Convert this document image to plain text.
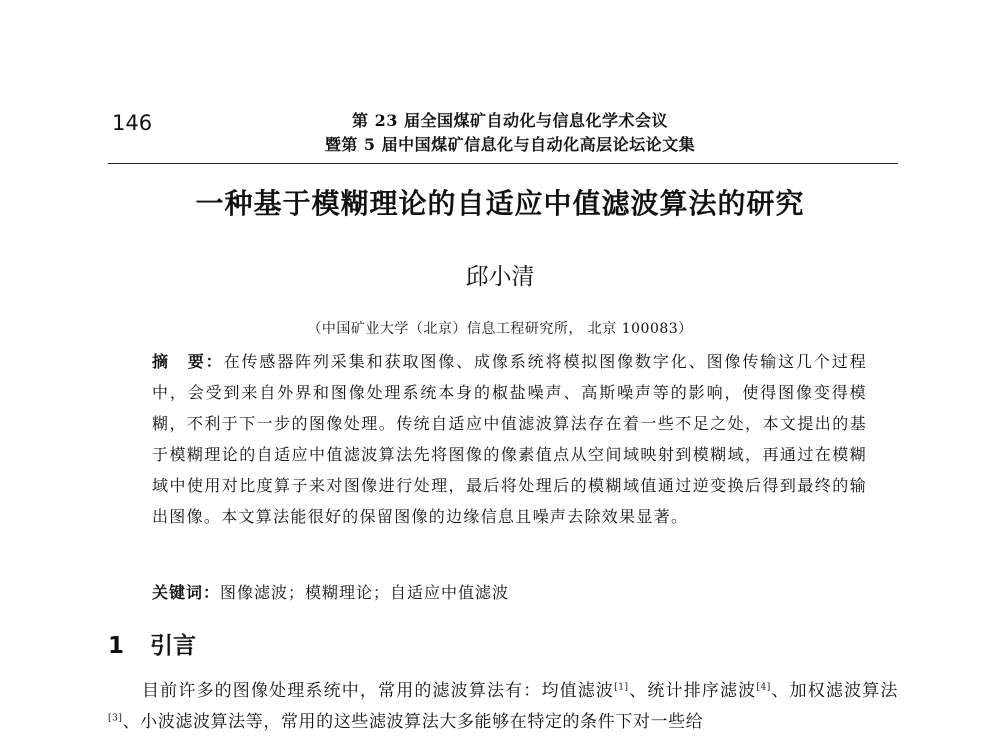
146	第 23 届全国煤矿自动化与信息化学术会议
暨第 5 届中国煤矿信息化与自动化高层论坛论文集
一种基于模糊理论的自适应中值滤波算法的研究
邱小清
（中国矿业大学（北京）信息工程研究所， 北京 100083）
摘　要：在传感器阵列采集和获取图像、成像系统将模拟图像数字化、图像传输这几个过程中，会受到来自外界和图像处理系统本身的椒盐噪声、高斯噪声等的影响，使得图像变得模糊，不利于下一步的图像处理。传统自适应中值滤波算法存在着一些不足之处，本文提出的基于模糊理论的自适应中值滤波算法先将图像的像素值点从空间域映射到模糊域，再通过在模糊域中使用对比度算子来对图像进行处理，最后将处理后的模糊域值通过逆变换后得到最终的输出图像。本文算法能很好的保留图像的边缘信息且噪声去除效果显著。
关键词：图像滤波；模糊理论；自适应中值滤波
1 引言
目前许多的图像处理系统中，常用的滤波算法有：均值滤波[1]、统计排序滤波[4]、加权滤波算法[3]、小波滤波算法等，常用的这些滤波算法大多能够在特定的条件下对一些给
